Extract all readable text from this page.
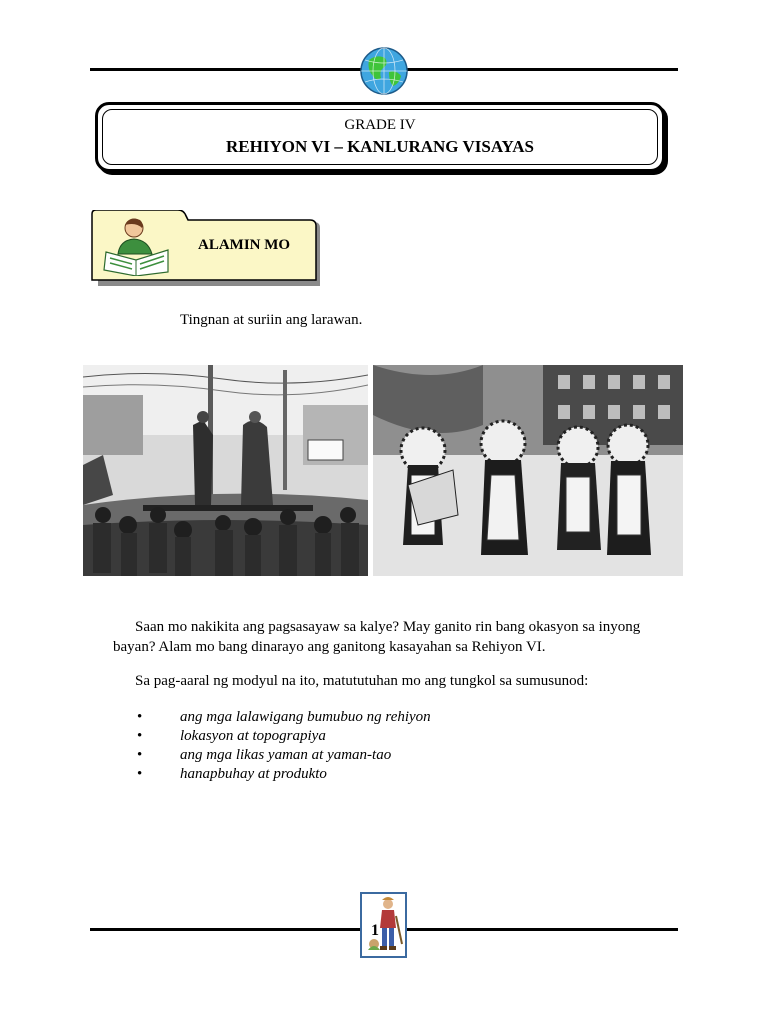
GRADE IV
REHIYON VI – KANLURANG VISAYAS
ALAMIN MO
Tingnan at suriin ang larawan.
Saan mo nakikita ang pagsasayaw sa kalye? May ganito rin bang okasyon sa inyong bayan? Alam mo bang dinarayo ang ganitong kasayahan sa Rehiyon VI.
Sa pag-aaral ng modyul na ito, matututuhan mo ang tungkol sa sumusunod:
•	ang mga lalawigang bumubuo ng rehiyon
•	lokasyon at topograpiya
•	ang mga likas yaman at yaman-tao
•	hanapbuhay at produkto
1
